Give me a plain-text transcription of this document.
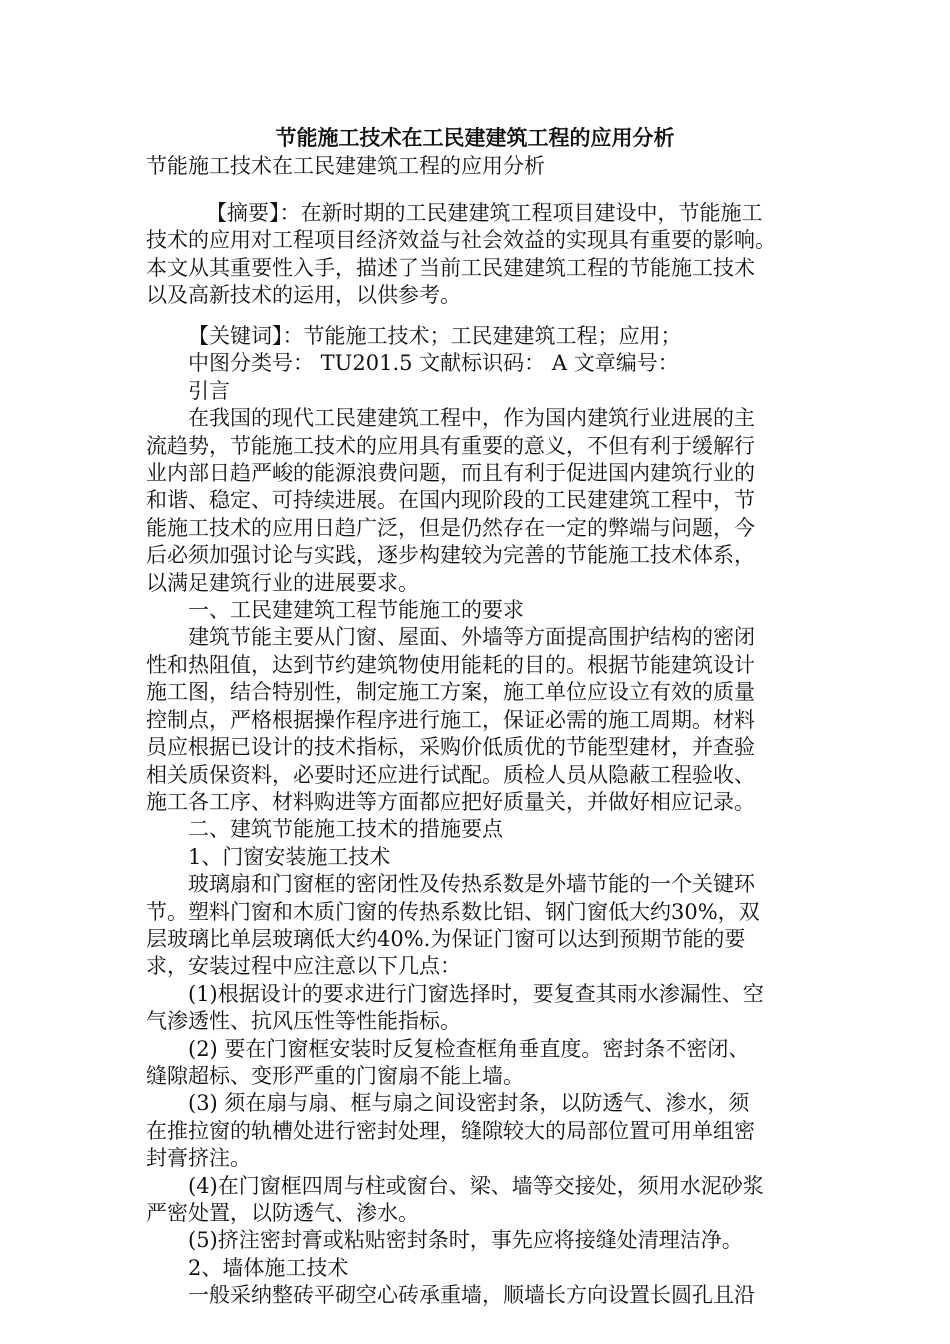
节能施工技术在工民建建筑工程的应用分析
节能施工技术在工民建建筑工程的应用分析
【摘要】：在新时期的工民建建筑工程项目建设中，节能施工
技术的应用对工程项目经济效益与社会效益的实现具有重要的影响。
本文从其重要性入手，描述了当前工民建建筑工程的节能施工技术
以及高新技术的运用，以供参考。
【关键词】：节能施工技术；工民建建筑工程；应用；
中图分类号： TU201.5 文献标识码： A 文章编号：
引言
在我国的现代工民建建筑工程中，作为国内建筑行业进展的主
流趋势，节能施工技术的应用具有重要的意义，不但有利于缓解行
业内部日趋严峻的能源浪费问题，而且有利于促进国内建筑行业的
和谐、稳定、可持续进展。在国内现阶段的工民建建筑工程中，节
能施工技术的应用日趋广泛，但是仍然存在一定的弊端与问题，今
后必须加强讨论与实践，逐步构建较为完善的节能施工技术体系，
以满足建筑行业的进展要求。
一、工民建建筑工程节能施工的要求
建筑节能主要从门窗、屋面、外墙等方面提高围护结构的密闭
性和热阻值，达到节约建筑物使用能耗的目的。根据节能建筑设计
施工图，结合特别性，制定施工方案，施工单位应设立有效的质量
控制点，严格根据操作程序进行施工，保证必需的施工周期。材料
员应根据已设计的技术指标，采购价低质优的节能型建材，并查验
相关质保资料，必要时还应进行试配。质检人员从隐蔽工程验收、
施工各工序、材料购进等方面都应把好质量关，并做好相应记录。
二、建筑节能施工技术的措施要点
1、门窗安装施工技术
玻璃扇和门窗框的密闭性及传热系数是外墙节能的一个关键环
节。塑料门窗和木质门窗的传热系数比铝、钢门窗低大约30%，双
层玻璃比单层玻璃低大约40%.为保证门窗可以达到预期节能的要
求，安装过程中应注意以下几点：
(1)根据设计的要求进行门窗选择时，要复查其雨水渗漏性、空
气渗透性、抗风压性等性能指标。
(2) 要在门窗框安装时反复检查框角垂直度。密封条不密闭、
缝隙超标、变形严重的门窗扇不能上墙。
(3) 须在扇与扇、框与扇之间设密封条，以防透气、渗水，须
在推拉窗的轨槽处进行密封处理，缝隙较大的局部位置可用单组密
封膏挤注。
(4)在门窗框四周与柱或窗台、梁、墙等交接处，须用水泥砂浆
严密处置，以防透气、渗水。
(5)挤注密封膏或粘贴密封条时，事先应将接缝处清理洁净。
2、墙体施工技术
一般采纳整砖平砌空心砖承重墙，顺墙长方向设置长圆孔且沿
